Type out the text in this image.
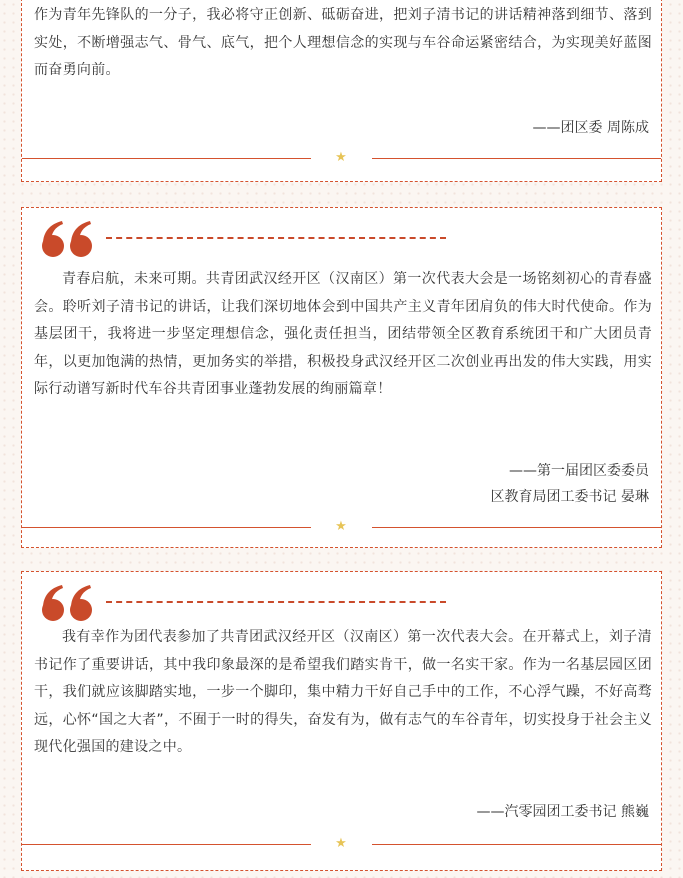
作为青年先锋队的一分子，我必将守正创新、砥砺奋进，把刘子清书记的讲话精神落到细节、落到实处，不断增强志气、骨气、底气，把个人理想信念的实现与车谷命运紧密结合，为实现美好蓝图而奋勇向前。
——团区委 周陈成
★
青春启航，未来可期。共青团武汉经开区（汉南区）第一次代表大会是一场铭刻初心的青春盛会。聆听刘子清书记的讲话，让我们深切地体会到中国共产主义青年团肩负的伟大时代使命。作为基层团干，我将进一步坚定理想信念，强化责任担当，团结带领全区教育系统团干和广大团员青年，以更加饱满的热情，更加务实的举措，积极投身武汉经开区二次创业再出发的伟大实践，用实际行动谱写新时代车谷共青团事业蓬勃发展的绚丽篇章！
——第一届团区委委员
区教育局团工委书记 晏琳
★
我有幸作为团代表参加了共青团武汉经开区（汉南区）第一次代表大会。在开幕式上，刘子清书记作了重要讲话，其中我印象最深的是希望我们踏实肯干，做一名实干家。作为一名基层园区团干，我们就应该脚踏实地，一步一个脚印，集中精力干好自己手中的工作，不心浮气躁，不好高骛远，心怀“国之大者”，不囿于一时的得失，奋发有为，做有志气的车谷青年，切实投身于社会主义现代化强国的建设之中。
——汽零园团工委书记 熊巍
★
